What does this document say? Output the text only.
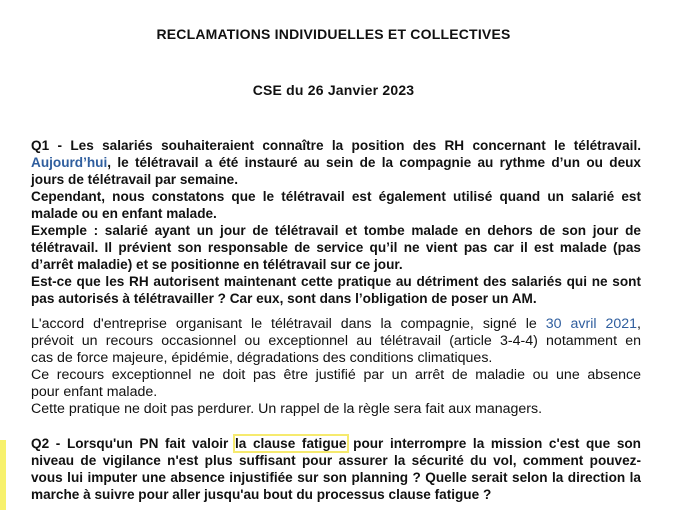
RECLAMATIONS INDIVIDUELLES ET COLLECTIVES
CSE du 26 Janvier 2023
Q1 - Les salariés souhaiteraient connaître la position des RH concernant le télétravail.
Aujourd’hui, le télétravail a été instauré au sein de la compagnie au rythme d’un ou deux
jours de télétravail par semaine.
Cependant, nous constatons que le télétravail est également utilisé quand un salarié est
malade ou en enfant malade.
Exemple : salarié ayant un jour de télétravail et tombe malade en dehors de son jour de
télétravail. Il prévient son responsable de service qu’il ne vient pas car il est malade (pas
d’arrêt maladie) et se positionne en télétravail sur ce jour.
Est-ce que les RH autorisent maintenant cette pratique au détriment des salariés qui ne sont
pas autorisés à télétravailler ? Car eux, sont dans l’obligation de poser un AM.
L'accord d'entreprise organisant le télétravail dans la compagnie, signé le 30 avril 2021,
prévoit un recours occasionnel ou exceptionnel au télétravail (article 3-4-4) notamment en
cas de force majeure, épidémie, dégradations des conditions climatiques.
Ce recours exceptionnel ne doit pas être justifié par un arrêt de maladie ou une absence
pour enfant malade.
Cette pratique ne doit pas perdurer. Un rappel de la règle sera fait aux managers.
Q2 - Lorsqu'un PN fait valoir la clause fatigue pour interrompre la mission c'est que son
niveau de vigilance n'est plus suffisant pour assurer la sécurité du vol, comment pouvez-
vous lui imputer une absence injustifiée sur son planning ? Quelle serait selon la direction la
marche à suivre pour aller jusqu'au bout du processus clause fatigue ?
